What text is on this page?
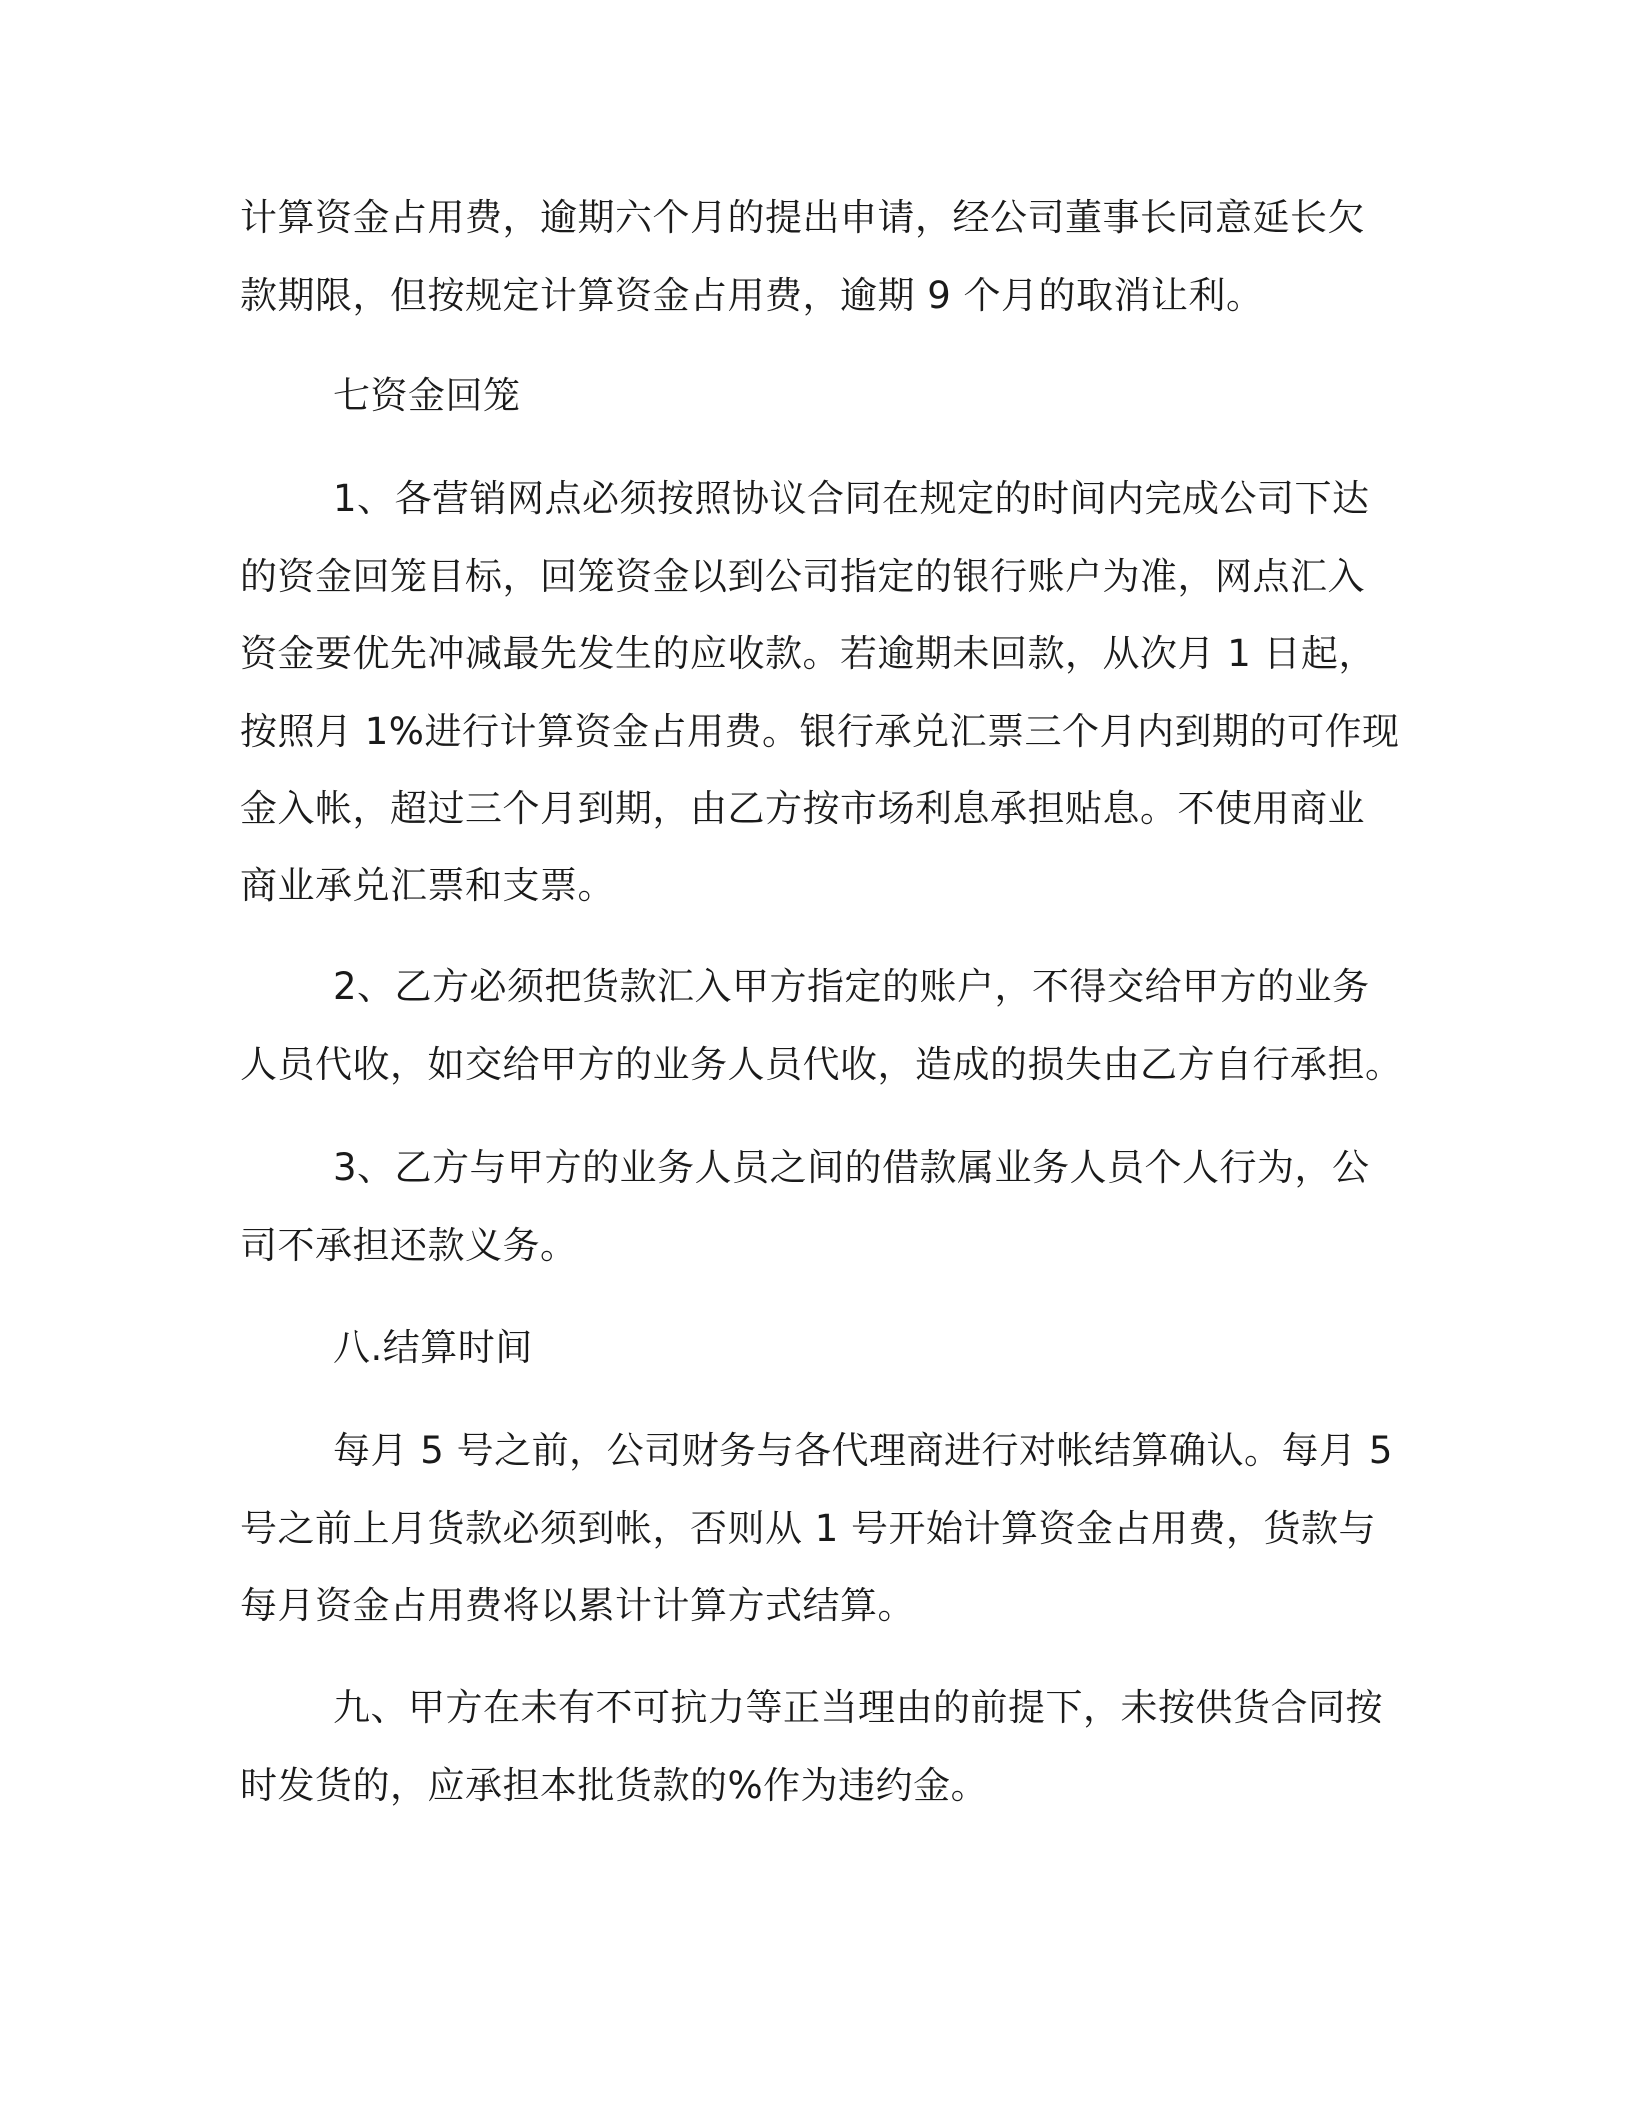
计算资金占用费，逾期六个月的提出申请，经公司董事长同意延长欠

款期限，但按规定计算资金占用费，逾期 9 个月的取消让利。

七资金回笼

1、各营销网点必须按照协议合同在规定的时间内完成公司下达

的资金回笼目标，回笼资金以到公司指定的银行账户为准，网点汇入

资金要优先冲减最先发生的应收款。若逾期未回款，从次月 1 日起，

按照月 1%进行计算资金占用费。银行承兑汇票三个月内到期的可作现

金入帐，超过三个月到期，由乙方按市场利息承担贴息。不使用商业

商业承兑汇票和支票。

2、乙方必须把货款汇入甲方指定的账户，不得交给甲方的业务

人员代收，如交给甲方的业务人员代收，造成的损失由乙方自行承担。

3、乙方与甲方的业务人员之间的借款属业务人员个人行为，公

司不承担还款义务。

八.结算时间

每月 5 号之前，公司财务与各代理商进行对帐结算确认。每月 5

号之前上月货款必须到帐，否则从 1 号开始计算资金占用费，货款与

每月资金占用费将以累计计算方式结算。

九、甲方在未有不可抗力等正当理由的前提下，未按供货合同按

时发货的，应承担本批货款的%作为违约金。
